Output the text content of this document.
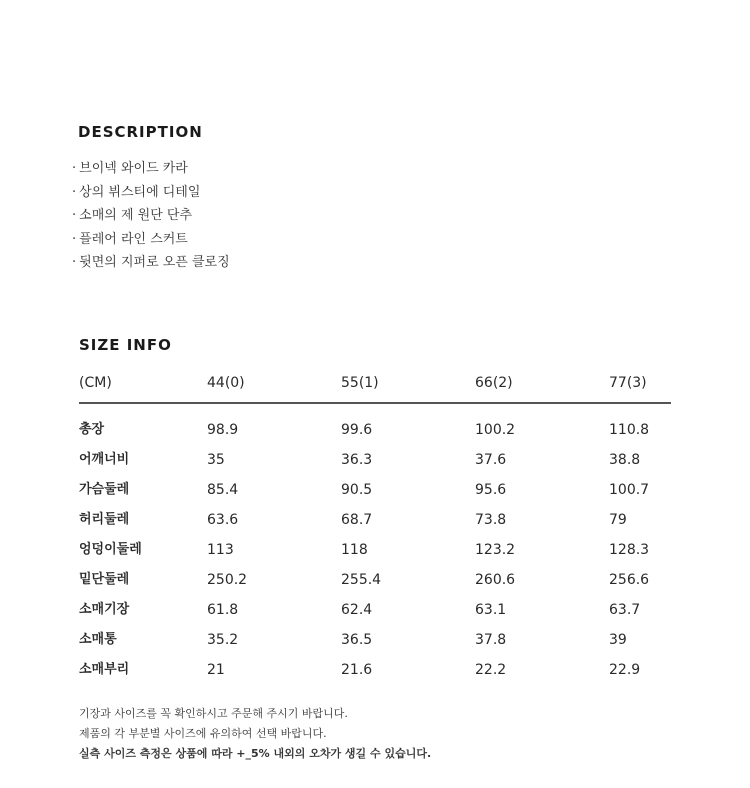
DESCRIPTION
· 브이넥 와이드 카라
· 상의 뷔스티에 디테일
· 소매의 제 원단 단추
· 플레어 라인 스커트
· 뒷면의 지퍼로 오픈 클로징
SIZE INFO
(CM)	44(0)	55(1)	66(2)	77(3)
총장	98.9	99.6	100.2	110.8
어깨너비	35	36.3	37.6	38.8
가슴둘레	85.4	90.5	95.6	100.7
허리둘레	63.6	68.7	73.8	79
엉덩이둘레	113	118	123.2	128.3
밑단둘레	250.2	255.4	260.6	256.6
소매기장	61.8	62.4	63.1	63.7
소매통	35.2	36.5	37.8	39
소매부리	21	21.6	22.2	22.9

기장과 사이즈를 꼭 확인하시고 주문해 주시기 바랍니다.

제품의 각 부분별 사이즈에 유의하여 선택 바랍니다.

실측 사이즈 측정은 상품에 따라 +_5% 내외의 오차가 생길 수 있습니다.
